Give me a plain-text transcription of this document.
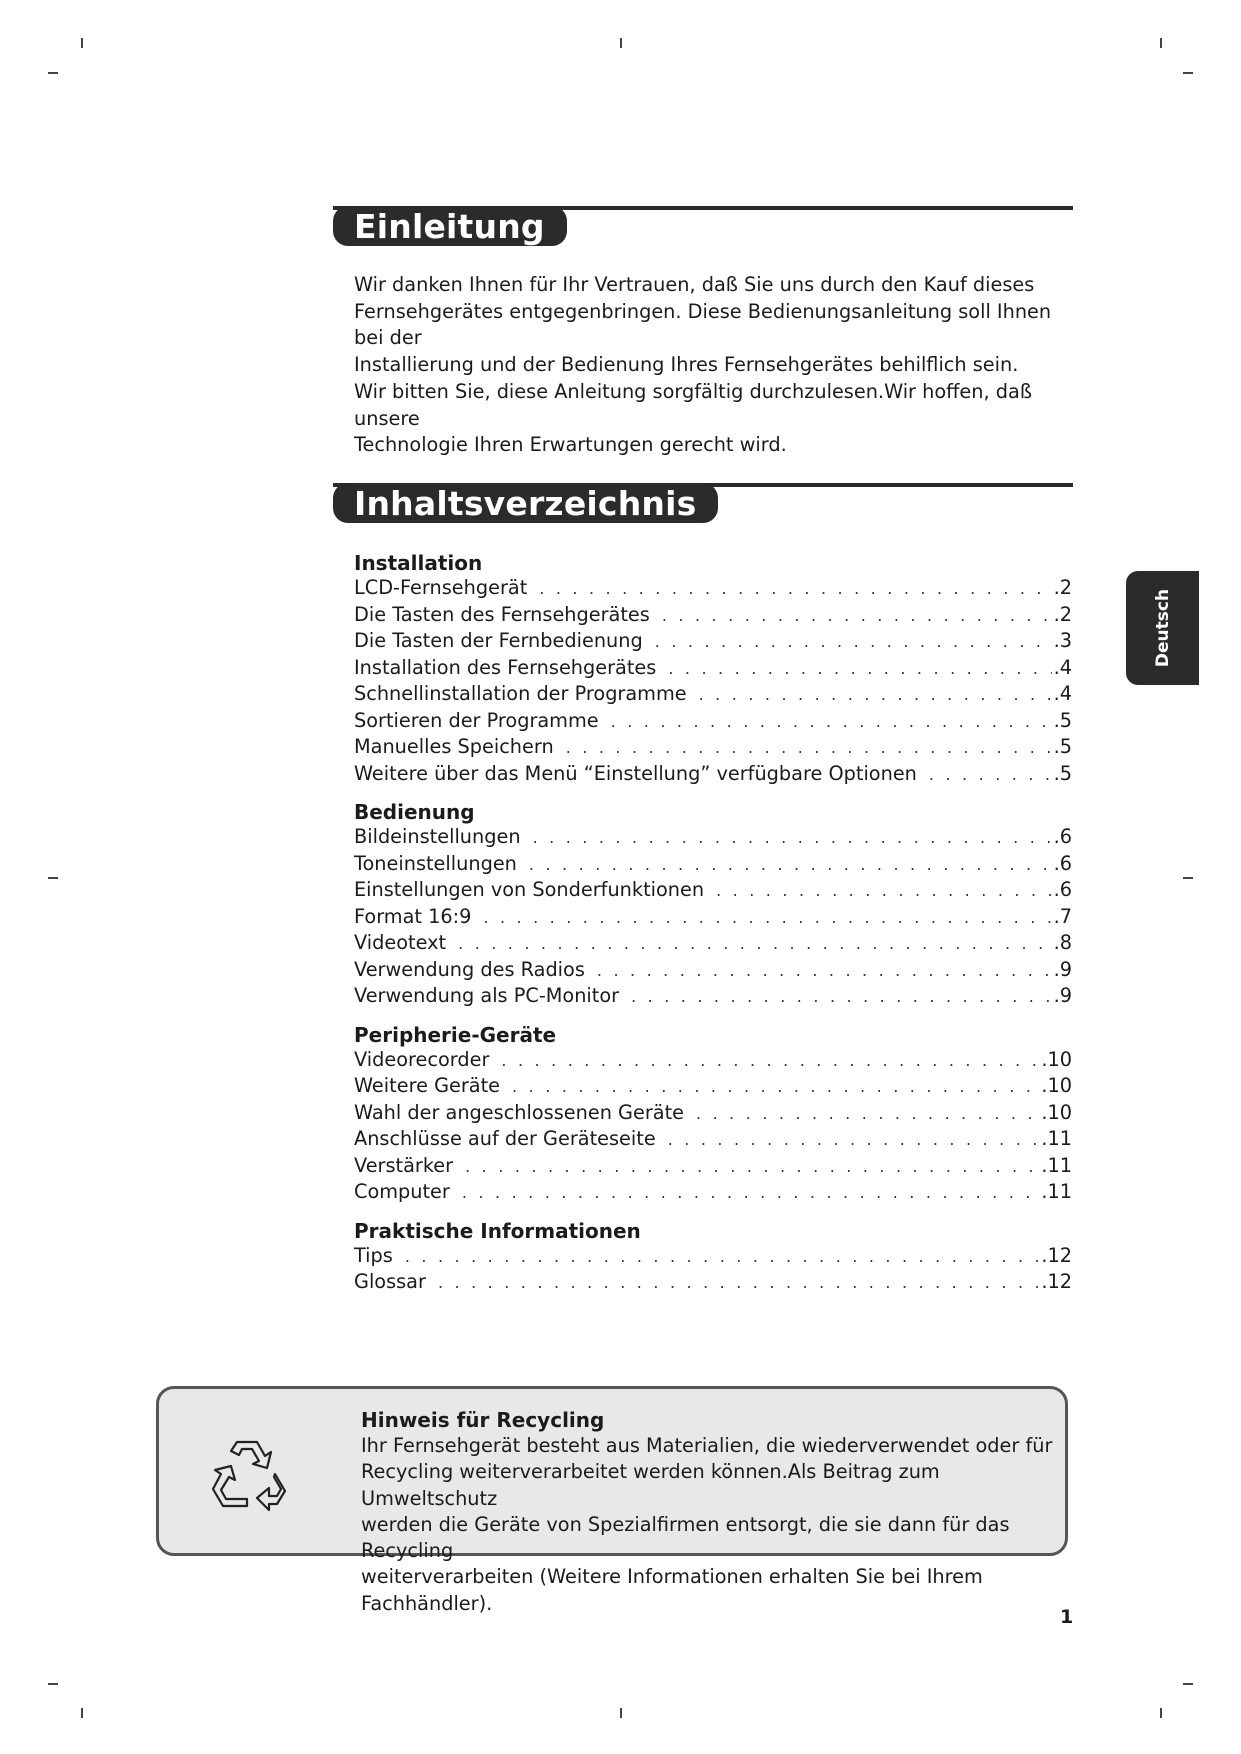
Einleitung

Wir danken Ihnen für Ihr Vertrauen, daß Sie uns durch den Kauf dieses

Fernsehgerätes entgegenbringen. Diese Bedienungsanleitung soll Ihnen bei der

Installierung und der Bedienung Ihres Fernsehgerätes behilflich sein.

Wir bitten Sie, diese Anleitung sorgfältig durchzulesen.Wir hoffen, daß unsere

Technologie Ihren Erwartungen gerecht wird.

Inhaltsverzeichnis
Installation
LCD-Fernsehgerät . . .	.2
Die Tasten des Fernsehgerätes . . .	.2
Die Tasten der Fernbedienung . . .	.3
Installation des Fernsehgerätes . . .	.4
Schnellinstallation der Programme . . .	.4
Sortieren der Programme . . .	.5
Manuelles Speichern . . .	.5
Weitere über das Menü “Einstellung” verfügbare Optionen . . .	.5
Bedienung
Bildeinstellungen . . .	.6
Toneinstellungen . . .	.6
Einstellungen von Sonderfunktionen . . .	.6
Format 16:9 . . .	.7
Videotext . . .	.8
Verwendung des Radios . . .	.9
Verwendung als PC-Monitor . . .	.9
Peripherie-Geräte
Videorecorder . . .	.10
Weitere Geräte . . .	.10
Wahl der angeschlossenen Geräte . . .	.10
Anschlüsse auf der Geräteseite . . .	.11
Verstärker . . .	.11
Computer . . .	.11
Praktische Informationen
Tips . . .	.12
Glossar . . .	.12
Deutsch
Hinweis für Recycling

Ihr Fernsehgerät besteht aus Materialien, die wiederverwendet oder für

Recycling weiterverarbeitet werden können.Als Beitrag zum Umweltschutz

werden die Geräte von Spezialfirmen entsorgt, die sie dann für das Recycling

weiterverarbeiten (Weitere Informationen erhalten Sie bei Ihrem Fachhändler).

1
